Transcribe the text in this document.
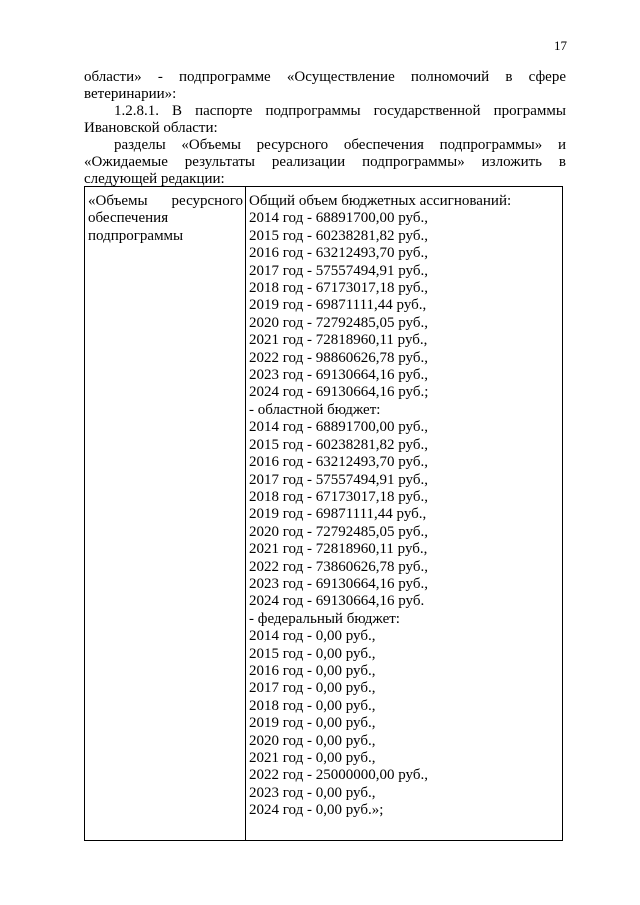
17
области» - подпрограмме «Осуществление полномочий в сфере
ветеринарии»:
1.2.8.1. В паспорте подпрограммы государственной программы
Ивановской области:
разделы «Объемы ресурсного обеспечения подпрограммы» и
«Ожидаемые результаты реализации подпрограммы» изложить в
следующей редакции:
«Объемы ресурсного
обеспечения
подпрограммы
Общий объем бюджетных ассигнований:
2014 год - 68891700,00 руб.,
2015 год - 60238281,82 руб.,
2016 год - 63212493,70 руб.,
2017 год - 57557494,91 руб.,
2018 год - 67173017,18 руб.,
2019 год - 69871111,44 руб.,
2020 год - 72792485,05 руб.,
2021 год - 72818960,11 руб.,
2022 год - 98860626,78 руб.,
2023 год - 69130664,16 руб.,
2024 год - 69130664,16 руб.;
- областной бюджет:
2014 год - 68891700,00 руб.,
2015 год - 60238281,82 руб.,
2016 год - 63212493,70 руб.,
2017 год - 57557494,91 руб.,
2018 год - 67173017,18 руб.,
2019 год - 69871111,44 руб.,
2020 год - 72792485,05 руб.,
2021 год - 72818960,11 руб.,
2022 год - 73860626,78 руб.,
2023 год - 69130664,16 руб.,
2024 год - 69130664,16 руб.
- федеральный бюджет:
2014 год - 0,00 руб.,
2015 год - 0,00 руб.,
2016 год - 0,00 руб.,
2017 год - 0,00 руб.,
2018 год - 0,00 руб.,
2019 год - 0,00 руб.,
2020 год - 0,00 руб.,
2021 год - 0,00 руб.,
2022 год - 25000000,00 руб.,
2023 год - 0,00 руб.,
2024 год - 0,00 руб.»;
